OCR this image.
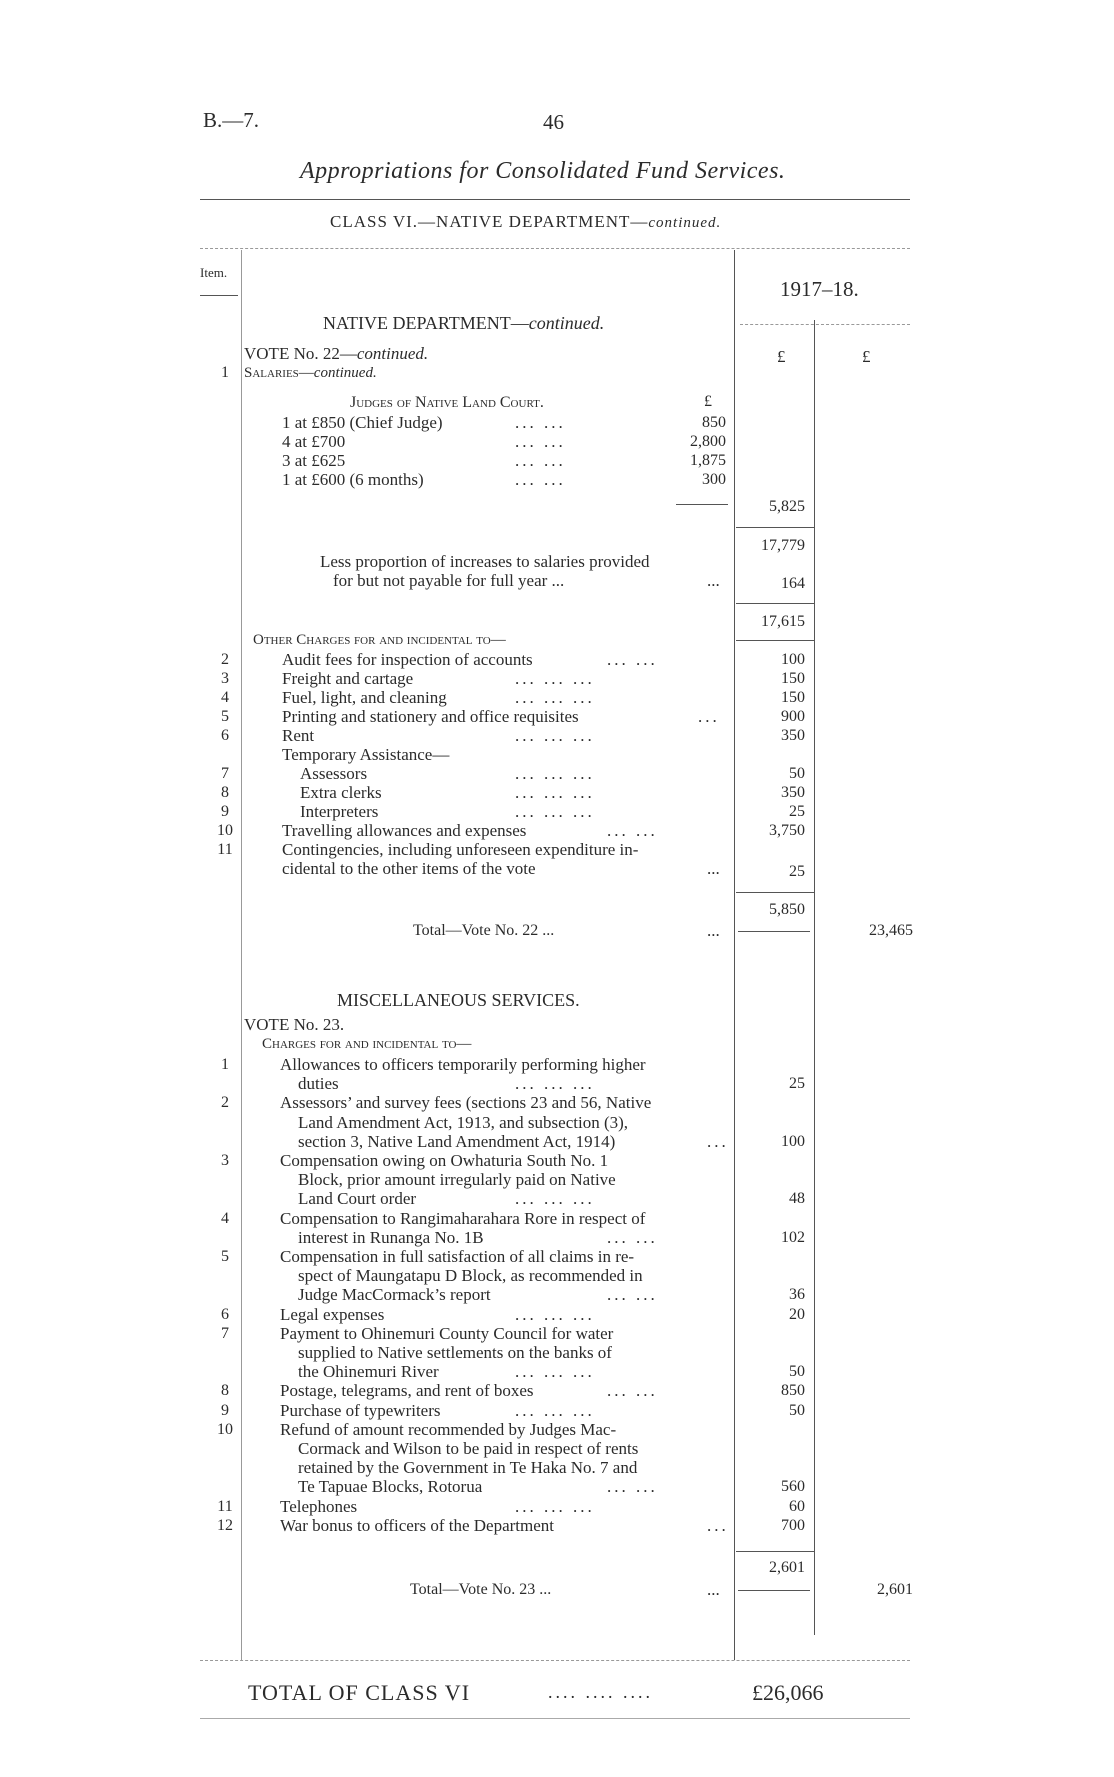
B.—7.	46
Appropriations for Consolidated Fund Services.
CLASS VI.—NATIVE DEPARTMENT—continued.
Item.
1917–18.
£	£
NATIVE DEPARTMENT—continued.
VOTE No. 22—continued.
1	Salaries—continued.
Judges of Native Land Court.	£
1 at £850 (Chief Judge)	... ...	850
4 at £700	... ...	2,800
3 at £625	... ...	1,875
1 at £600 (6 months)	... ...	300
5,825
17,779
Less proportion of increases to salaries provided
for but not payable for full year ...	...	164
17,615
Other Charges for and incidental to—
2	Audit fees for inspection of accounts	... ...	100
3	Freight and cartage	... ... ...	150
4	Fuel, light, and cleaning	... ... ...	150
5	Printing and stationery and office requisites	...	900
6	Rent	... ... ...	350
Temporary Assistance—
7	Assessors	... ... ...	50
8	Extra clerks	... ... ...	350
9	Interpreters	... ... ...	25
10	Travelling allowances and expenses	... ...	3,750
11	Contingencies, including unforeseen expenditure in-
cidental to the other items of the vote	...	25
5,850
Total—Vote No. 22 ...	...	23,465
MISCELLANEOUS SERVICES.
VOTE No. 23.
Charges for and incidental to—
1	Allowances to officers temporarily performing higher
duties	... ... ...	25
2	Assessors’ and survey fees (sections 23 and 56, Native
Land Amendment Act, 1913, and subsection (3),
section 3, Native Land Amendment Act, 1914)	...	100
3	Compensation owing on Owhaturia South No. 1
Block, prior amount irregularly paid on Native
Land Court order	... ... ...	48
4	Compensation to Rangimaharahara Rore in respect of
interest in Runanga No. 1B	... ...	102
5	Compensation in full satisfaction of all claims in re-
spect of Maungatapu D Block, as recommended in
Judge MacCormack’s report	... ...	36
6	Legal expenses	... ... ...	20
7	Payment to Ohinemuri County Council for water
supplied to Native settlements on the banks of
the Ohinemuri River	... ... ...	50
8	Postage, telegrams, and rent of boxes	... ...	850
9	Purchase of typewriters	... ... ...	50
10	Refund of amount recommended by Judges Mac-
Cormack and Wilson to be paid in respect of rents
retained by the Government in Te Haka No. 7 and
Te Tapuae Blocks, Rotorua	... ...	560
11	Telephones	... ... ...	60
12	War bonus to officers of the Department	...	700
2,601
Total—Vote No. 23 ...	...	2,601
TOTAL OF CLASS VI	.... .... ....	£26,066
